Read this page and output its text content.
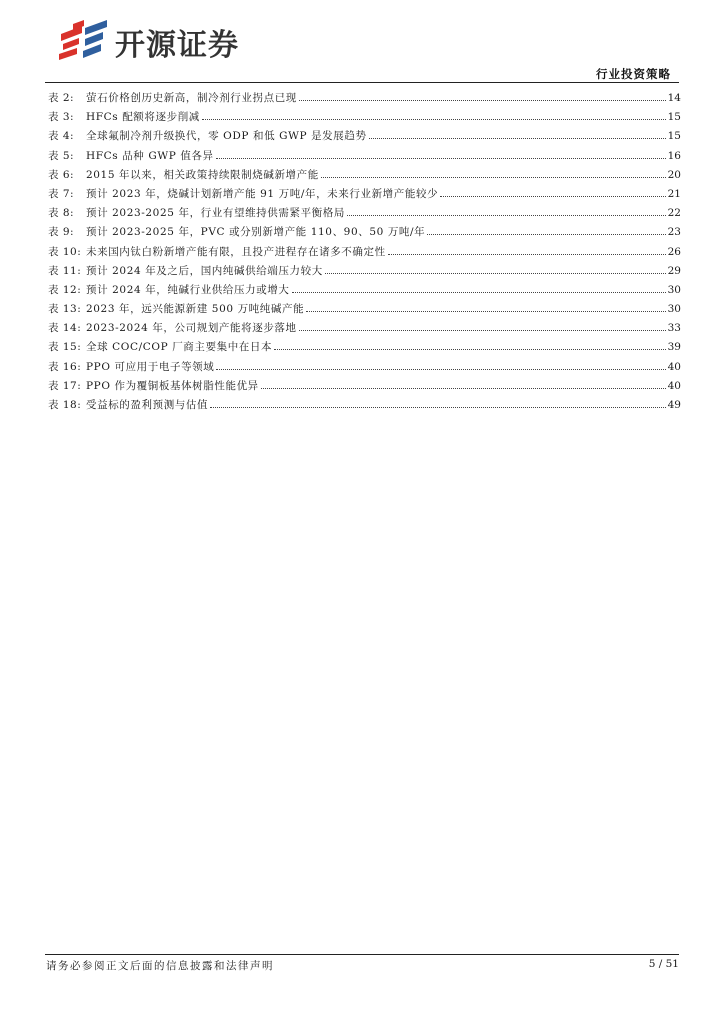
开源证券
行业投资策略
表 2:	萤石价格创历史新高，制冷剂行业拐点已现	14
表 3:	HFCs 配额将逐步削减	15
表 4:	全球氟制冷剂升级换代，零 ODP 和低 GWP 是发展趋势	15
表 5:	HFCs 品种 GWP 值各异	16
表 6:	2015 年以来，相关政策持续限制烧碱新增产能	20
表 7:	预计 2023 年，烧碱计划新增产能 91 万吨/年，未来行业新增产能较少	21
表 8:	预计 2023-2025 年，行业有望维持供需紧平衡格局	22
表 9:	预计 2023-2025 年，PVC 或分别新增产能 110、90、50 万吨/年	23
表 10: 未来国内钛白粉新增产能有限，且投产进程存在诸多不确定性	26
表 11: 预计 2024 年及之后，国内纯碱供给端压力较大	29
表 12: 预计 2024 年，纯碱行业供给压力或增大	30
表 13: 2023 年，远兴能源新建 500 万吨纯碱产能	30
表 14: 2023-2024 年，公司规划产能将逐步落地	33
表 15: 全球 COC/COP 厂商主要集中在日本	39
表 16: PPO 可应用于电子等领域	40
表 17: PPO 作为覆铜板基体树脂性能优异	40
表 18: 受益标的盈利预测与估值	49
请务必参阅正文后面的信息披露和法律声明	5 / 51
